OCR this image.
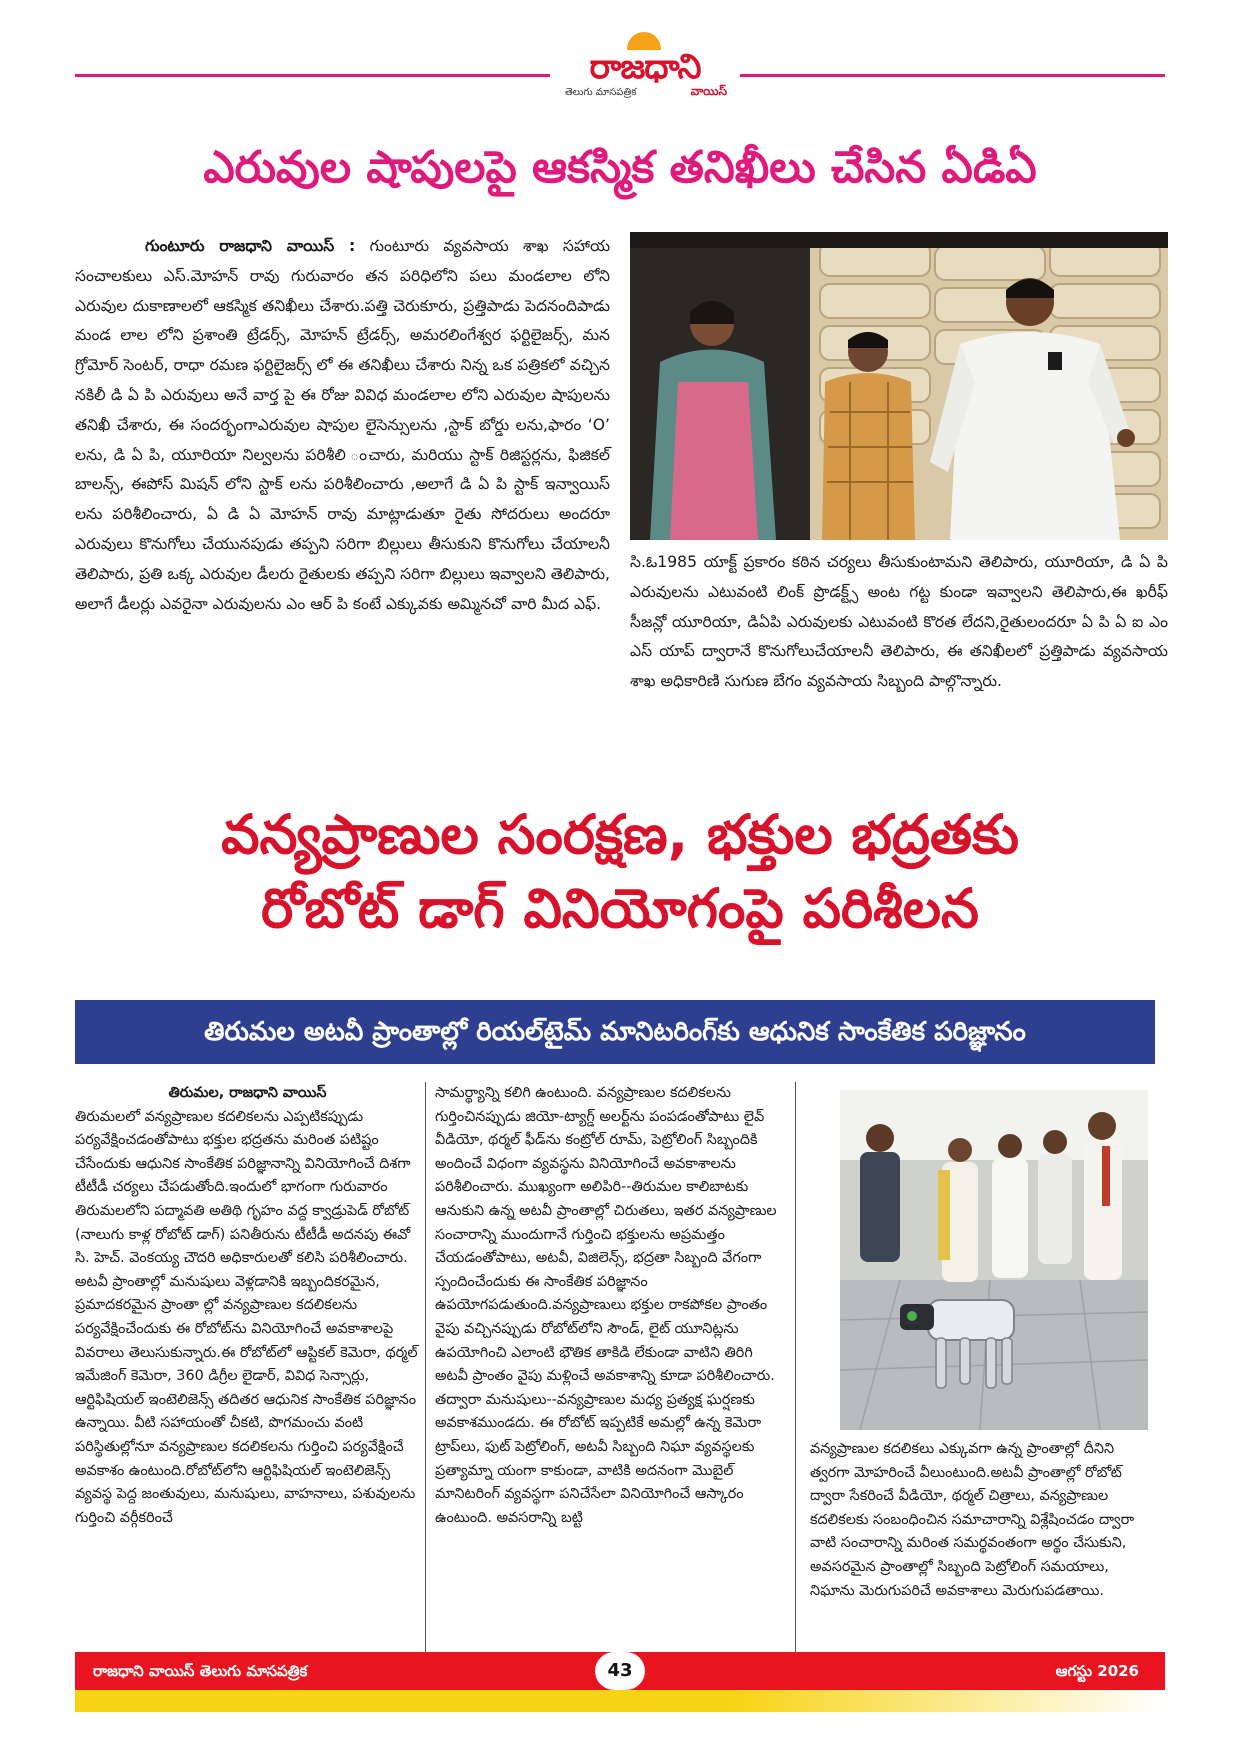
రాజధాని
తెలుగు మాసపత్రిక	వాయిస్
ఎరువుల షాపులపై ఆకస్మిక తనిఖీలు చేసిన ఏడిఏ
గుంటూరు రాజధాని వాయిస్ : గుంటూరు వ్యవసాయ శాఖ సహాయ సంచాలకులు ఎస్.మోహన్ రావు గురువారం తన పరిధిలోని పలు మండలాల లోని ఎరువుల దుకాణాలలో ఆకస్మిక తనిఖీలు చేశారు.పత్తి చెరుకూరు, ప్రత్తిపాడు పెదనందిపాడు మండ లాల లోని ప్రశాంతి ట్రేడర్స్, మోహన్ ట్రేడర్స్, అమరలింగేశ్వర ఫర్టిలైజర్స్, మన గ్రోమోర్ సెంటర్, రాధా రమణ ఫర్టిలైజర్స్ లో ఈ తనిఖీలు చేశారు నిన్న ఒక పత్రికలో వచ్చిన నకిలీ డి ఏ పి ఎరువులు అనే వార్త పై ఈ రోజు వివిధ మండలాల లోని ఎరువుల షాపులను తనిఖీ చేశారు, ఈ సందర్భంగాఎరువుల షాపుల లైసెన్సులను ,స్టాక్ బోర్డు లను,ఫారం ‘O’ లను, డి ఏ పి, యూరియా నిల్వలను పరిశీలి ంచారు, మరియు స్టాక్ రిజిస్టర్లను, ఫిజికల్ బాలన్స్, ఈపోస్ మిషన్ లోని స్టాక్ లను పరిశీలించారు ,అలాగే డి ఏ పి స్టాక్ ఇన్వాయిస్ లను పరిశీలించారు, ఏ డి ఏ మోహన్ రావు మాట్లాడుతూ రైతు సోదరులు అందరూ ఎరువులు కొనుగోలు చేయునపుడు తప్పని సరిగా బిల్లులు తీసుకుని కొనుగోలు చేయాలనీ తెలిపారు, ప్రతి ఒక్క ఎరువుల డీలరు రైతులకు తప్పని సరిగా బిల్లులు ఇవ్వాలని తెలిపారు, అలాగే డీలర్లు ఎవరైనా ఎరువులను ఎం ఆర్ పి కంటే ఎక్కువకు అమ్మినచో వారి మీద ఎఫ్.
సి.ఓ1985 యాక్ట్ ప్రకారం కఠిన చర్యలు తీసుకుంటామని తెలిపారు, యూరియా, డి ఏ పి ఎరువులను ఎటువంటి లింక్ ప్రొడక్ట్స్ అంట గట్ట కుండా ఇవ్వాలని తెలిపారు,ఈ ఖరీఫ్ సీజన్లో యూరియా, డిఏపి ఎరువులకు ఎటువంటి కొరత లేదని,రైతులందరూ ఏ పి ఏ ఐ ఎం ఎస్ యాప్ ద్వారానే కొనుగోలుచేయాలనీ తెలిపారు, ఈ తనిఖీలలో ప్రత్తిపాడు వ్యవసాయ శాఖ అధికారిణి సుగుణ బేగం వ్యవసాయ సిబ్బంది పాల్గొన్నారు.
వన్యప్రాణుల సంరక్షణ, భక్తుల భద్రతకు
రోబోట్ డాగ్ వినియోగంపై పరిశీలన
తిరుమల అటవీ ప్రాంతాల్లో రియల్‌టైమ్ మానిటరింగ్‌కు ఆధునిక సాంకేతిక పరిజ్ఞానం
తిరుమల, రాజధాని వాయిస్
తిరుమలలో వన్యప్రాణుల కదలికలను ఎప్పటికప్పుడు పర్యవేక్షించడంతోపాటు భక్తుల భద్రతను మరింత పటిష్టం చేసేందుకు ఆధునిక సాంకేతిక పరిజ్ఞానాన్ని వినియోగించే దిశగా టీటీడీ చర్యలు చేపడుతోంది.ఇందులో భాగంగా గురువారం తిరుమలలోని పద్మావతి అతిథి గృహం వద్ద క్వాడ్రుపెడ్ రోబోట్ (నాలుగు కాళ్ల రోబోట్ డాగ్) పనితీరును టీటీడీ అదనపు ఈవో సి. హెచ్. వెంకయ్య చౌదరి అధికారులతో కలిసి పరిశీలించారు. అటవీ ప్రాంతాల్లో మనుషులు వెళ్లడానికి ఇబ్బందికరమైన, ప్రమాదకరమైన ప్రాంతా ల్లో వన్యప్రాణుల కదలికలను పర్యవేక్షించేందుకు ఈ రోబోట్‌ను వినియోగించే అవకాశాలపై వివరాలు తెలుసుకున్నారు.ఈ రోబోట్‌లో ఆప్టికల్ కెమెరా, థర్మల్ ఇమేజింగ్ కెమెరా, 360 డిగ్రీల లైడార్, వివిధ సెన్సార్లు, ఆర్టిఫిషియల్ ఇంటెలిజెన్స్ తదితర ఆధునిక సాంకేతిక పరిజ్ఞానం ఉన్నాయి. వీటి సహాయంతో చీకటి, పొగమంచు వంటి పరిస్థితుల్లోనూ వన్యప్రాణుల కదలికలను గుర్తించి పర్యవేక్షించే అవకాశం ఉంటుంది.రోబోట్‌లోని ఆర్టిఫిషియల్ ఇంటెలిజెన్స్ వ్యవస్థ పెద్ద జంతువులు, మనుషులు, వాహనాలు, పశువులను గుర్తించి వర్గీకరించే
సామర్థ్యాన్ని కలిగి ఉంటుంది. వన్యప్రాణుల కదలికలను గుర్తించినప్పుడు జియో-ట్యాగ్డ్ అలర్ట్‌ను పంపడంతోపాటు లైవ్ వీడియో, థర్మల్ ఫీడ్‌ను కంట్రోల్ రూమ్, పెట్రోలింగ్ సిబ్బందికి అందించే విధంగా వ్యవస్థను వినియోగించే అవకాశాలను పరిశీలించారు. ముఖ్యంగా అలిపిరి--తిరుమల కాలిబాటకు ఆనుకుని ఉన్న అటవీ ప్రాంతాల్లో చిరుతలు, ఇతర వన్యప్రాణుల సంచారాన్ని ముందుగానే గుర్తించి భక్తులను అప్రమత్తం చేయడంతోపాటు, అటవీ, విజిలెన్స్, భద్రతా సిబ్బంది వేగంగా స్పందించేందుకు ఈ సాంకేతిక పరిజ్ఞానం ఉపయోగపడుతుంది.వన్యప్రాణులు భక్తుల రాకపోకల ప్రాంతం వైపు వచ్చినప్పుడు రోబోట్‌లోని సౌండ్, లైట్ యూనిట్లను ఉపయోగించి ఎలాంటి భౌతిక తాకిడి లేకుండా వాటిని తిరిగి అటవీ ప్రాంతం వైపు మళ్లించే అవకాశాన్ని కూడా పరిశీలించారు. తద్వారా మనుషులు--వన్యప్రాణుల మధ్య ప్రత్యక్ష ఘర్షణకు అవకాశముండదు. ఈ రోబోట్ ఇప్పటికే అమల్లో ఉన్న కెమెరా ట్రాప్‌లు, ఫుట్ పెట్రోలింగ్, అటవీ సిబ్బంది నిఘా వ్యవస్థలకు ప్రత్యామ్నా యంగా కాకుండా, వాటికి అదనంగా మొబైల్ మానిటరింగ్ వ్యవస్థగా పనిచేసేలా వినియోగించే ఆస్కారం ఉంటుంది. అవసరాన్ని బట్టి
వన్యప్రాణుల కదలికలు ఎక్కువగా ఉన్న ప్రాంతాల్లో దీనిని త్వరగా మోహరించే వీలుంటుంది.అటవీ ప్రాంతాల్లో రోబోట్ ద్వారా సేకరించే వీడియో, థర్మల్ చిత్రాలు, వన్యప్రాణుల కదలికలకు సంబంధించిన సమాచారాన్ని విశ్లేషించడం ద్వారా వాటి సంచారాన్ని మరింత సమర్థవంతంగా అర్థం చేసుకుని, అవసరమైన ప్రాంతాల్లో సిబ్బంది పెట్రోలింగ్ సమయాలు, నిఘాను మెరుగుపరిచే అవకాశాలు మెరుగుపడతాయి.
రాజధాని వాయిస్ తెలుగు మాసపత్రిక	43	ఆగస్టు 2026
